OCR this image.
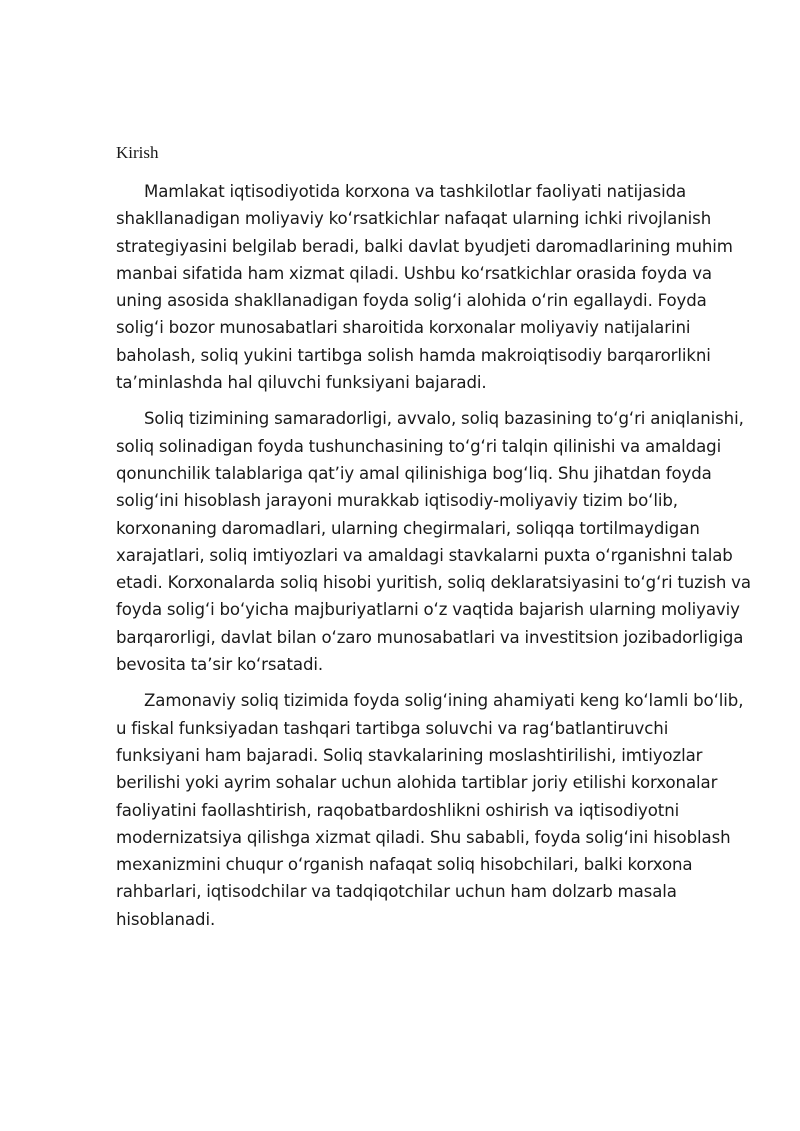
Kirish

Mamlakat iqtisodiyotida korxona va tashkilotlar faoliyati natijasida shakllanadigan moliyaviy koʻrsatkichlar nafaqat ularning ichki rivojlanish strategiyasini belgilab beradi, balki davlat byudjeti daromadlarining muhim manbai sifatida ham xizmat qiladi. Ushbu koʻrsatkichlar orasida foyda va uning asosida shakllanadigan foyda soligʻi alohida oʻrin egallaydi. Foyda soligʻi bozor munosabatlari sharoitida korxonalar moliyaviy natijalarini baholash, soliq yukini tartibga solish hamda makroiqtisodiy barqarorlikni taʼminlashda hal qiluvchi funksiyani bajaradi.

Soliq tizimining samaradorligi, avvalo, soliq bazasining toʻgʻri aniqlanishi, soliq solinadigan foyda tushunchasining toʻgʻri talqin qilinishi va amaldagi qonunchilik talablariga qatʼiy amal qilinishiga bogʻliq. Shu jihatdan foyda soligʻini hisoblash jarayoni murakkab iqtisodiy-moliyaviy tizim boʻlib, korxonaning daromadlari, ularning chegirmalari, soliqqa tortilmaydigan xarajatlari, soliq imtiyozlari va amaldagi stavkalarni puxta oʻrganishni talab etadi. Korxonalarda soliq hisobi yuritish, soliq deklaratsiyasini toʻgʻri tuzish va foyda soligʻi boʻyicha majburiyatlarni oʻz vaqtida bajarish ularning moliyaviy barqarorligi, davlat bilan oʻzaro munosabatlari va investitsion jozibadorligiga bevosita taʼsir koʻrsatadi.

Zamonaviy soliq tizimida foyda soligʻining ahamiyati keng koʻlamli boʻlib, u fiskal funksiyadan tashqari tartibga soluvchi va ragʻbatlantiruvchi funksiyani ham bajaradi. Soliq stavkalarining moslashtirilishi, imtiyozlar berilishi yoki ayrim sohalar uchun alohida tartiblar joriy etilishi korxonalar faoliyatini faollashtirish, raqobatbardoshlikni oshirish va iqtisodiyotni modernizatsiya qilishga xizmat qiladi. Shu sababli, foyda soligʻini hisoblash mexanizmini chuqur oʻrganish nafaqat soliq hisobchilari, balki korxona rahbarlari, iqtisodchilar va tadqiqotchilar uchun ham dolzarb masala hisoblanadi.
